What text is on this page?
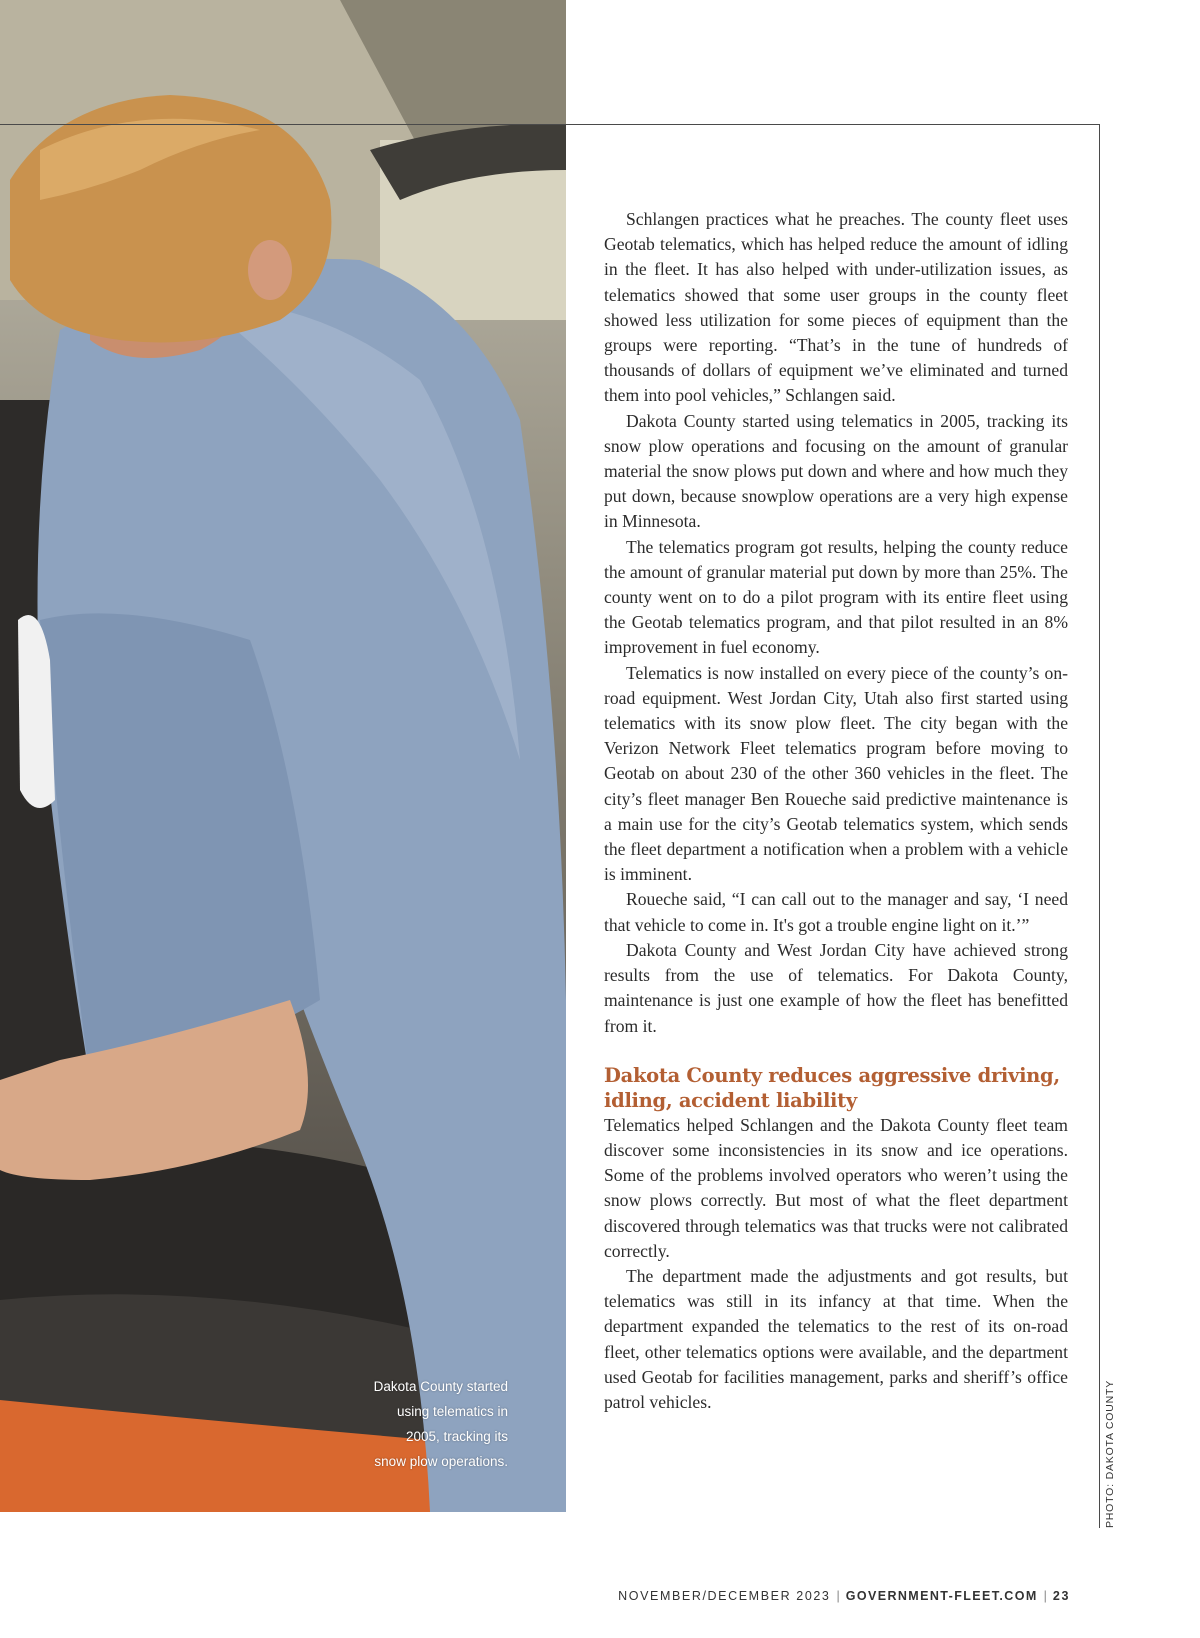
Dakota County started
using telematics in
2005, tracking its
snow plow operations.

Schlangen practices what he preaches. The county fleet uses Geotab telematics, which has helped reduce the amount of idling in the fleet. It has also helped with under-utilization issues, as telematics showed that some user groups in the county fleet showed less utilization for some pieces of equipment than the groups were reporting. “That’s in the tune of hundreds of thousands of dollars of equipment we’ve eliminated and turned them into pool vehicles,” Schlangen said.

Dakota County started using telematics in 2005, tracking its snow plow operations and focusing on the amount of granular material the snow plows put down and where and how much they put down, because snowplow operations are a very high expense in Minnesota.

The telematics program got results, helping the county reduce the amount of granular material put down by more than 25%. The county went on to do a pilot program with its entire fleet using the Geotab telematics program, and that pilot resulted in an 8% improvement in fuel economy.

Telematics is now installed on every piece of the county’s on-road equipment. West Jordan City, Utah also first started using telematics with its snow plow fleet. The city began with the Verizon Network Fleet telematics program before moving to Geotab on about 230 of the other 360 vehicles in the fleet. The city’s fleet manager Ben Roueche said predictive maintenance is a main use for the city’s Geotab telematics system, which sends the fleet department a notification when a problem with a vehicle is imminent.

Roueche said, “I can call out to the manager and say, ‘I need that vehicle to come in. It's got a trouble engine light on it.’”

Dakota County and West Jordan City have achieved strong results from the use of telematics. For Dakota County, maintenance is just one example of how the fleet has benefitted from it.

Dakota County reduces aggressive driving, idling, accident liability

Telematics helped Schlangen and the Dakota County fleet team discover some inconsistencies in its snow and ice operations. Some of the problems involved operators who weren’t using the snow plows correctly. But most of what the fleet department discovered through telematics was that trucks were not calibrated correctly.

The department made the adjustments and got results, but telematics was still in its infancy at that time. When the department expanded the telematics to the rest of its on-road fleet, other telematics options were available, and the department used Geotab for facilities management, parks and sheriff’s office patrol vehicles.	PHOTO: DAKOTA COUNTY
NOVEMBER/DECEMBER 2023 | GOVERNMENT-FLEET.COM | 23
